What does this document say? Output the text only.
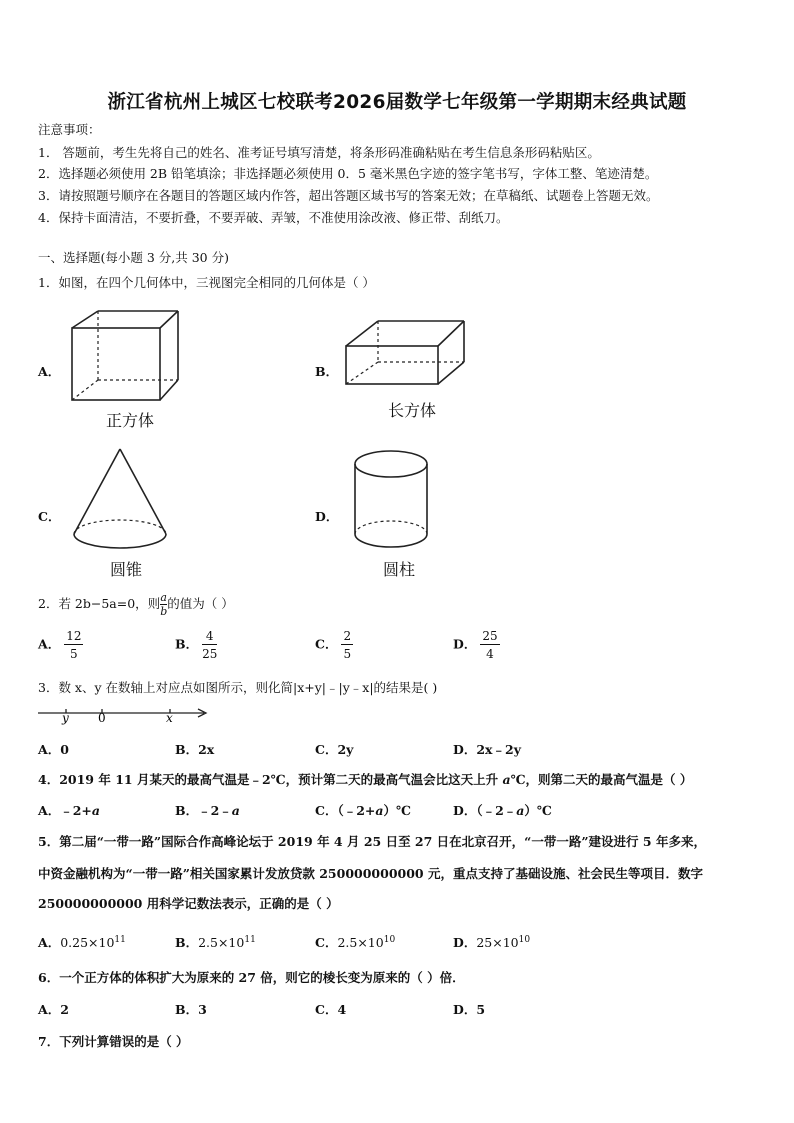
浙江省杭州上城区七校联考2026届数学七年级第一学期期末经典试题
注意事项：
1． 答题前，考生先将自己的姓名、准考证号填写清楚，将条形码准确粘贴在考生信息条形码粘贴区。
2．选择题必须使用 2B 铅笔填涂；非选择题必须使用 0．5 毫米黑色字迹的签字笔书写，字体工整、笔迹清楚。
3．请按照题号顺序在各题目的答题区域内作答，超出答题区域书写的答案无效；在草稿纸、试题卷上答题无效。
4．保持卡面清洁，不要折叠，不要弄破、弄皱，不准使用涂改液、修正带、刮纸刀。
一、选择题(每小题 3 分,共 30 分)
1．如图，在四个几何体中，三视图完全相同的几何体是（ ）
A．
正方体
B．
长方体
C．
圆锥
D．
圆柱
2．若 2b−5a=0，则 $\frac{a}{b}$ 的值为（ ）
A． $\frac{12}{5}$	B． $\frac{4}{25}$	C． $\frac{2}{5}$	D． $\frac{25}{4}$
3．数 x、y 在数轴上对应点如图所示，则化简|x+y|﹣|y﹣x|的结果是( )
y 0	x
A．0	B．2x	C．2y	D．2x﹣2y
4．2019 年 11 月某天的最高气温是﹣2℃，预计第二天的最高气温会比这天上升 a℃，则第二天的最高气温是（ ）
A．﹣2+a	B．﹣2﹣a	C．（﹣2+a）℃	D．（﹣2﹣a）℃
5．第二届“一带一路”国际合作高峰论坛于 2019 年 4 月 25 日至 27 日在北京召开，“一带一路”建设进行 5 年多来，
中资金融机构为“一带一路”相关国家累计发放贷款 250000000000 元，重点支持了基础设施、社会民生等项目．数字
250000000000 用科学记数法表示，正确的是（ ）
A．$0.25\times 10^{11}$	B．$2.5\times 10^{11}$	C．$2.5\times 10^{10}$	D．$25\times 10^{10}$
6．一个正方体的体积扩大为原来的 27 倍，则它的棱长变为原来的（ ）倍．
A．2	B．3	C．4	D．5
7．下列计算错误的是（ ）
